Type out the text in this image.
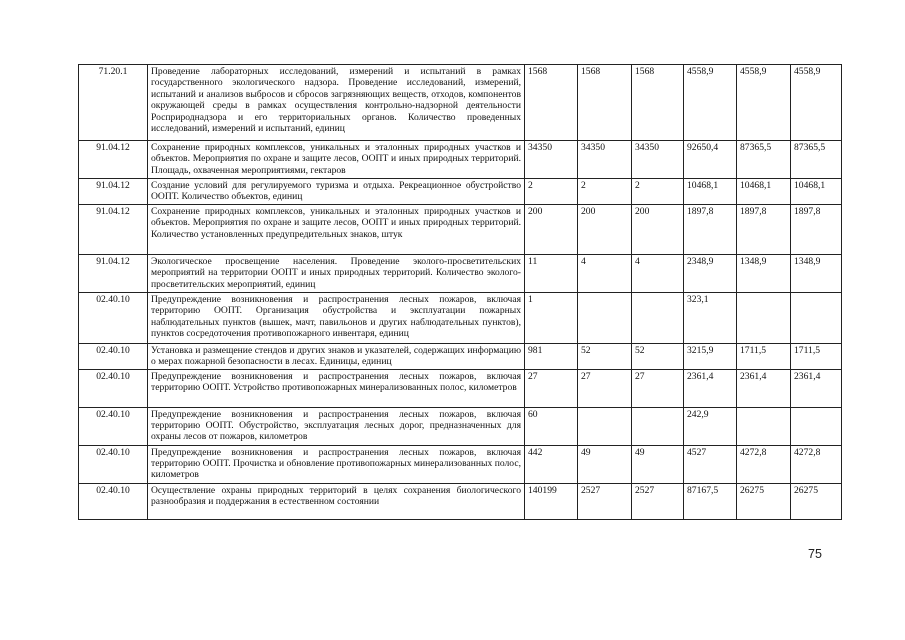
71.20.1	Проведение лабораторных исследований, измерений и испытаний в рамках государственного экологического надзора. Проведение исследований, измерений, испытаний и анализов выбросов и сбросов загрязняющих веществ, отходов, компонентов окружающей среды в рамках осуществления контрольно-надзорной деятельности Росприроднадзора и его территориальных органов. Количество проведенных исследований, измерений и испытаний, единиц	1568	1568	1568	4558,9	4558,9	4558,9
91.04.12	Сохранение природных комплексов, уникальных и эталонных природных участков и объектов. Мероприятия по охране и защите лесов, ООПТ и иных природных территорий. Площадь, охваченная мероприятиями, гектаров	34350	34350	34350	92650,4	87365,5	87365,5
91.04.12	Создание условий для регулируемого туризма и отдыха. Рекреационное обустройство ООПТ. Количество объектов, единиц	2	2	2	10468,1	10468,1	10468,1
91.04.12	Сохранение природных комплексов, уникальных и эталонных природных участков и объектов. Мероприятия по охране и защите лесов, ООПТ и иных природных территорий. Количество установленных предупредительных знаков, штук	200	200	200	1897,8	1897,8	1897,8
91.04.12	Экологическое просвещение населения. Проведение эколого-просветительских мероприятий на территории ООПТ и иных природных территорий. Количество эколого-просветительских мероприятий, единиц	11	4	4	2348,9	1348,9	1348,9
02.40.10	Предупреждение возникновения и распространения лесных пожаров, включая территорию ООПТ. Организация обустройства и эксплуатации пожарных наблюдательных пунктов (вышек, мачт, павильонов и других наблюдательных пунктов), пунктов сосредоточения противопожарного инвентаря, единиц	1			323,1		
02.40.10	Установка и размещение стендов и других знаков и указателей, содержащих информацию о мерах пожарной безопасности в лесах. Единицы, единиц	981	52	52	3215,9	1711,5	1711,5
02.40.10	Предупреждение возникновения и распространения лесных пожаров, включая территорию ООПТ. Устройство противопожарных минерализованных полос, километров	27	27	27	2361,4	2361,4	2361,4
02.40.10	Предупреждение возникновения и распространения лесных пожаров, включая территорию ООПТ. Обустройство, эксплуатация лесных дорог, предназначенных для охраны лесов от пожаров, километров	60			242,9		
02.40.10	Предупреждение возникновения и распространения лесных пожаров, включая территорию ООПТ. Прочистка и обновление противопожарных минерализованных полос, километров	442	49	49	4527	4272,8	4272,8
02.40.10	Осуществление охраны природных территорий в целях сохранения биологического разнообразия и поддержания в естественном состоянии	140199	2527	2527	87167,5	26275	26275
75
